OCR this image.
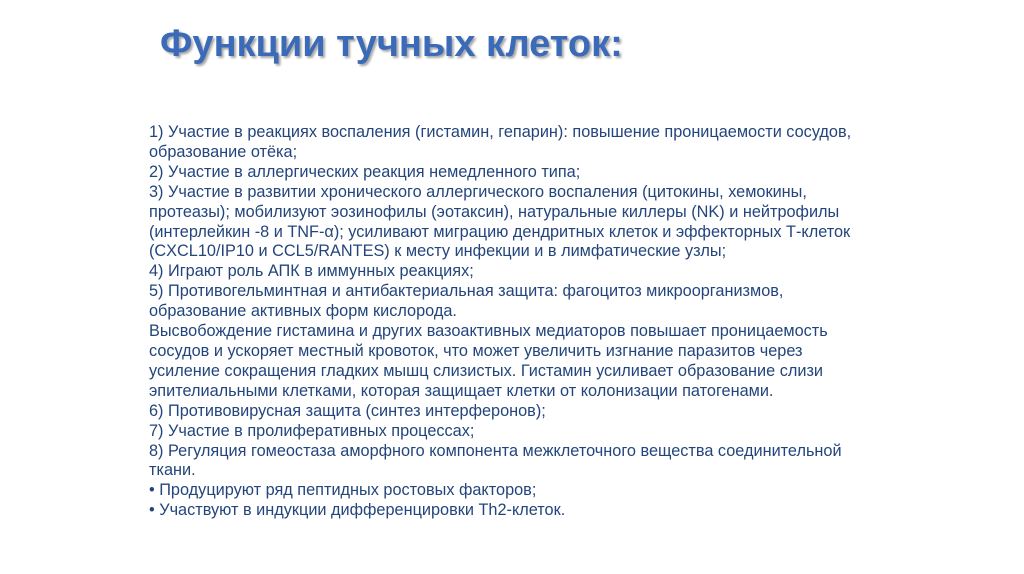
Функции тучных клеток:
1) Участие в реакциях воспаления (гистамин, гепарин): повышение проницаемости сосудов,
образование отёка;
2) Участие в аллергических реакция немедленного типа;
3) Участие в развитии хронического аллергического воспаления (цитокины, хемокины,
протеазы); мобилизуют эозинофилы (эотаксин), натуральные киллеры (NK) и нейтрофилы
(интерлейкин -8 и TNF-α); усиливают миграцию дендритных клеток и эффекторных Т-клеток
(CXCL10/IP10 и CCL5/RANTES) к месту инфекции и в лимфатические узлы;
4) Играют роль АПК в иммунных реакциях;
5) Противогельминтная и антибактериальная защита: фагоцитоз микроорганизмов,
образование активных форм кислорода.
Высвобождение гистамина и других вазоактивных медиаторов повышает проницаемость
сосудов и ускоряет местный кровоток, что может увеличить изгнание паразитов через
усиление сокращения гладких мышц слизистых. Гистамин усиливает образование слизи
эпителиальными клетками, которая защищает клетки от колонизации патогенами.
6) Противовирусная защита (синтез интерферонов);
7) Участие в пролиферативных процессах;
8) Регуляция гомеостаза аморфного компонента межклеточного вещества соединительной
ткани.
• Продуцируют ряд пептидных ростовых факторов;
• Участвуют в индукции дифференцировки Th2-клеток.
